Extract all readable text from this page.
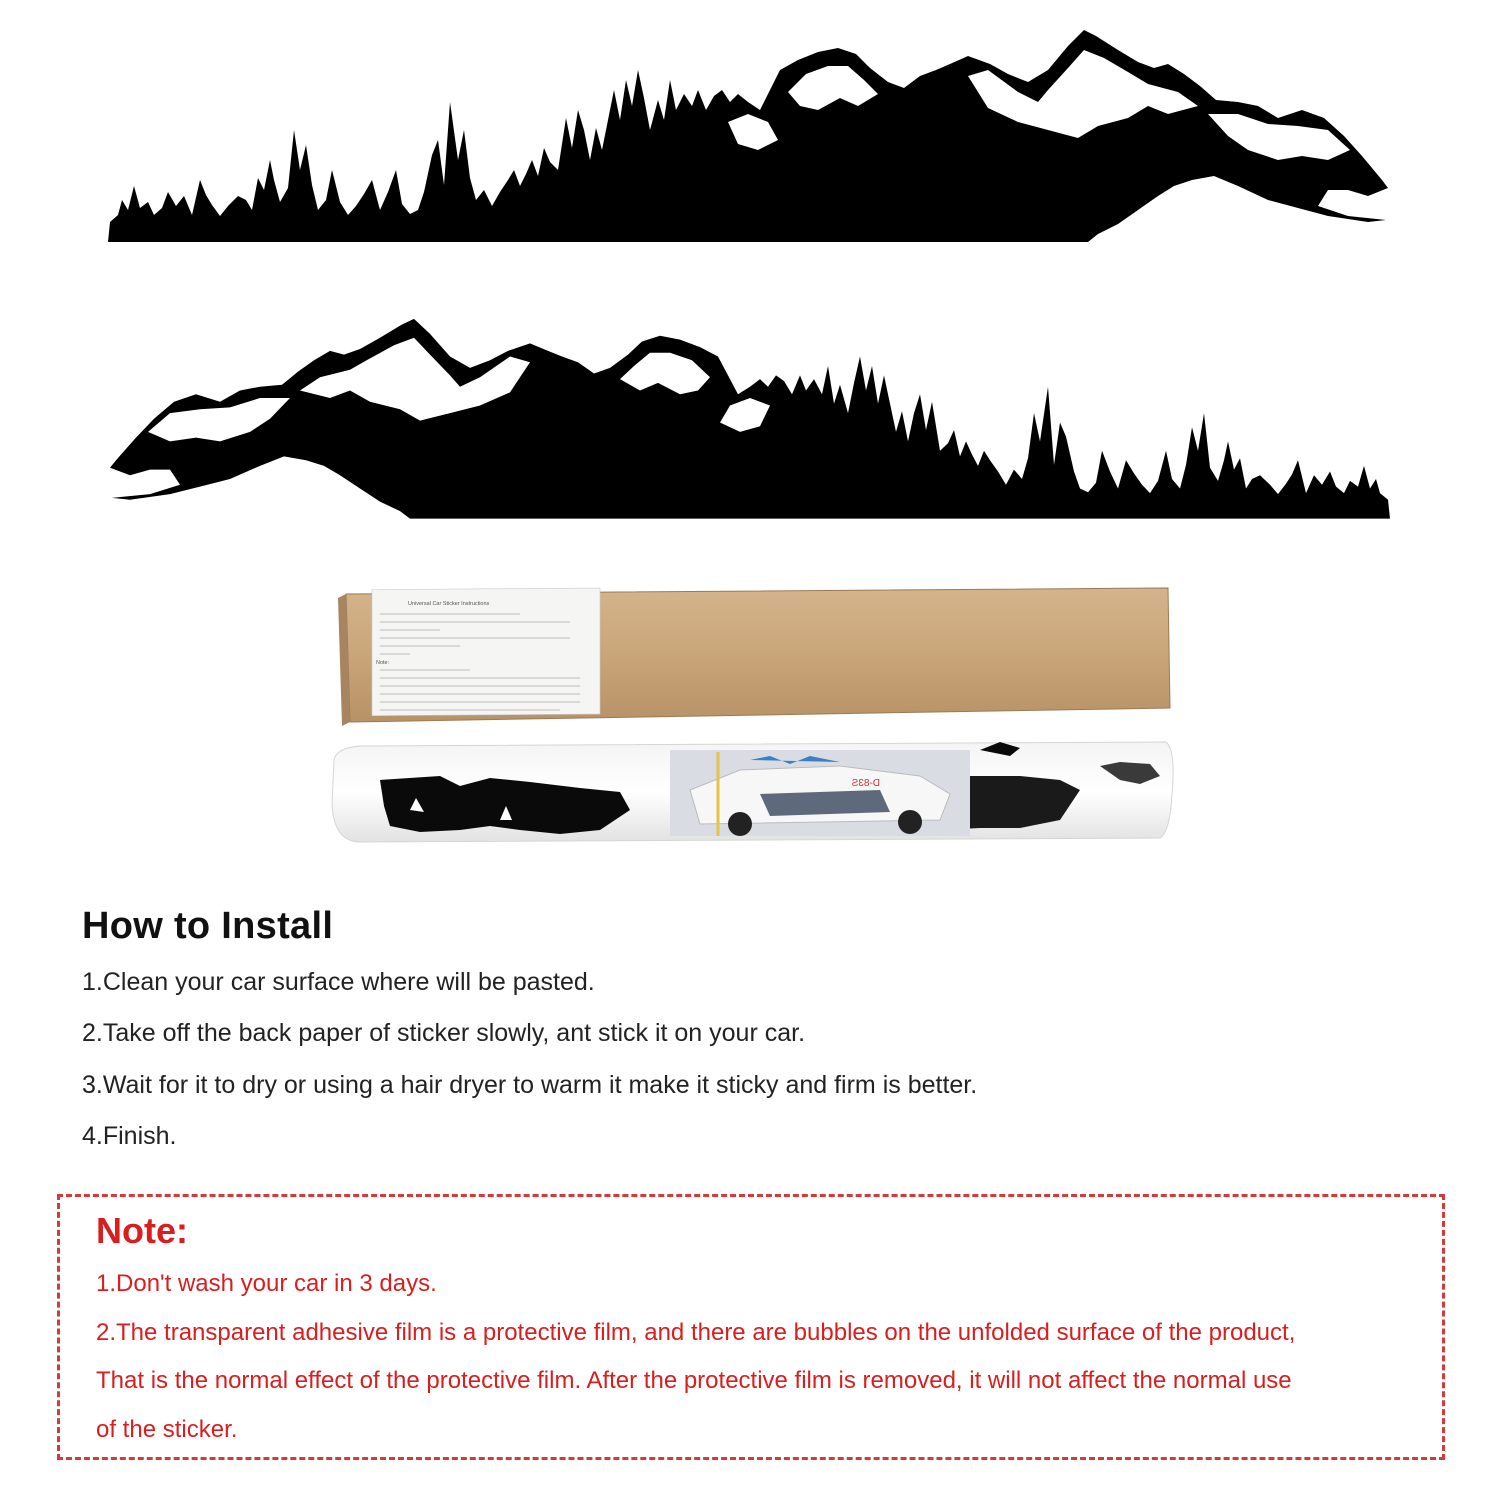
Universal Car Sticker Instructions
Note:
D-83S
How to Install
1.Clean your car surface where will be pasted.
2.Take off the back paper of sticker slowly, ant stick it on your car.
3.Wait for it to dry or using a hair dryer to warm it make it sticky and firm is better.
4.Finish.
Note:
1.Don't wash your car in 3 days.
2.The transparent adhesive film is a protective film, and there are bubbles on the unfolded surface of the product,
That is the normal effect of the protective film. After the protective film is removed, it will not affect the normal use
of the sticker.
